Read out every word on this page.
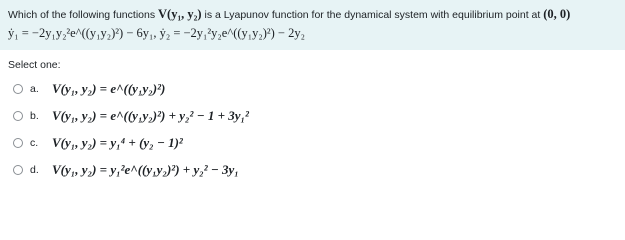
Which of the following functions V(y₁, y₂) is a Lyapunov function for the dynamical system with equilibrium point at (0, 0)
ẏ₁ = −2y₁y₂²e^((y₁y₂)²) − 6y₁, ẏ₂ = −2y₁²y₂e^((y₁y₂)²) − 2y₂
Select one:
a.	V(y₁, y₂) = e^((y₁y₂)²)
b.	V(y₁, y₂) = e^((y₁y₂)²) + y₂² − 1 + 3y₁²
c.	V(y₁, y₂) = y₁⁴ + (y₂ − 1)²
d.	V(y₁, y₂) = y₁²e^((y₁y₂)²) + y₂² − 3y₁
